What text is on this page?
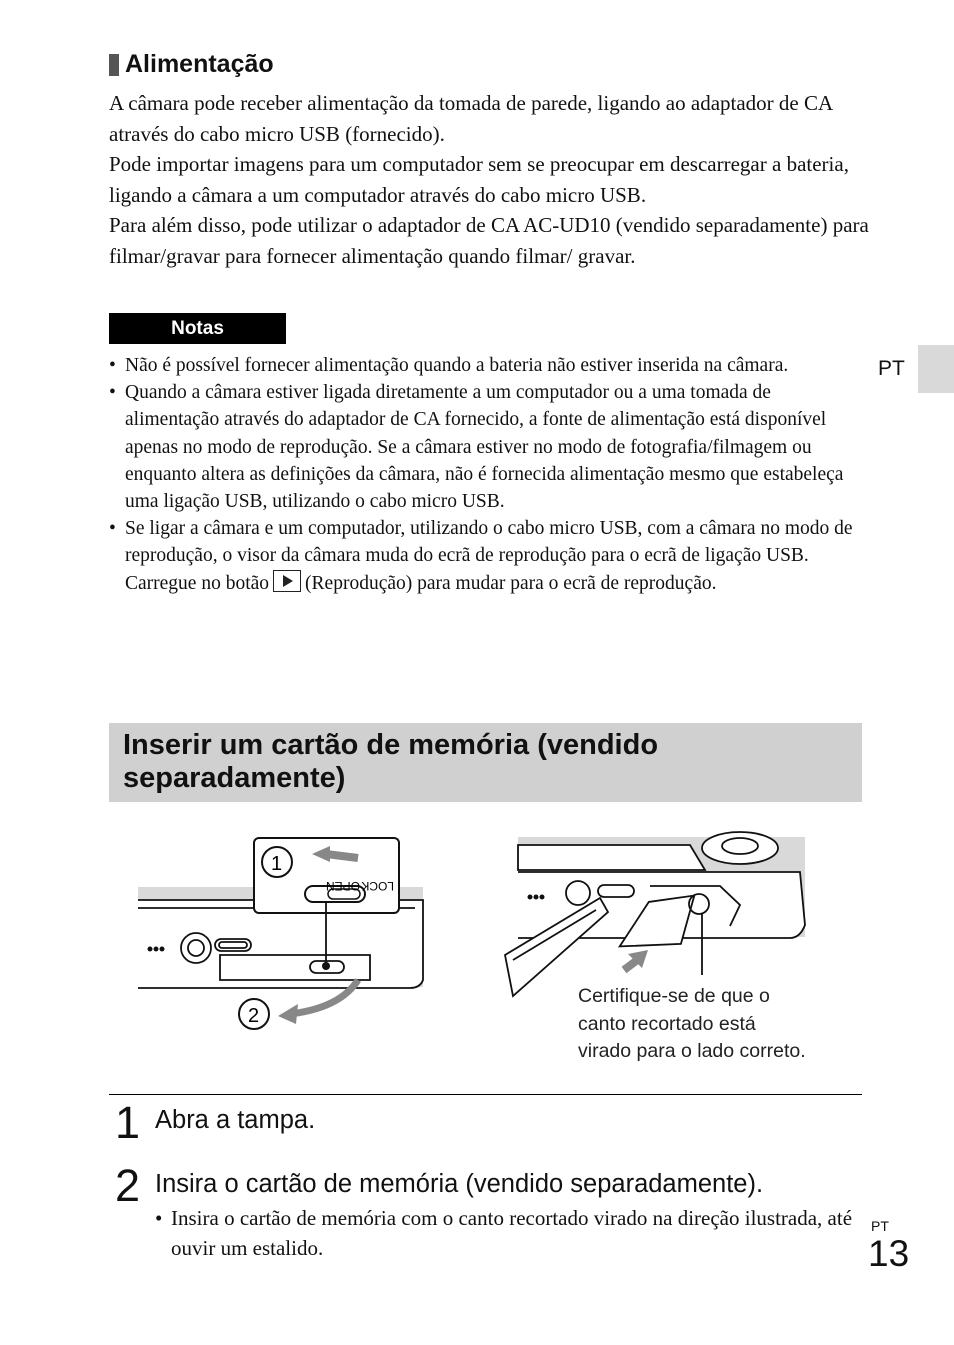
Alimentação
A câmara pode receber alimentação da tomada de parede, ligando ao adaptador de CA através do cabo micro USB (fornecido).
Pode importar imagens para um computador sem se preocupar em descarregar a bateria, ligando a câmara a um computador através do cabo micro USB.
Para além disso, pode utilizar o adaptador de CA AC-UD10 (vendido separadamente) para filmar/gravar para fornecer alimentação quando filmar/ gravar.
Notas
• Não é possível fornecer alimentação quando a bateria não estiver inserida na câmara.
• Quando a câmara estiver ligada diretamente a um computador ou a uma tomada de alimentação através do adaptador de CA fornecido, a fonte de alimentação está disponível apenas no modo de reprodução. Se a câmara estiver no modo de fotografia/filmagem ou enquanto altera as definições da câmara, não é fornecida alimentação mesmo que estabeleça uma ligação USB, utilizando o cabo micro USB.
• Se ligar a câmara e um computador, utilizando o cabo micro USB, com a câmara no modo de reprodução, o visor da câmara muda do ecrã de reprodução para o ecrã de ligação USB. Carregue no botão (Reprodução) para mudar para o ecrã de reprodução.
PT
Inserir um cartão de memória (vendido separadamente)
LOCK
OPEN
1
2
Certifique-se de que o
canto recortado está
virado para o lado correto.
1 Abra a tampa.
2 Insira o cartão de memória (vendido separadamente).
• Insira o cartão de memória com o canto recortado virado na direção ilustrada, até ouvir um estalido.
PT
13
